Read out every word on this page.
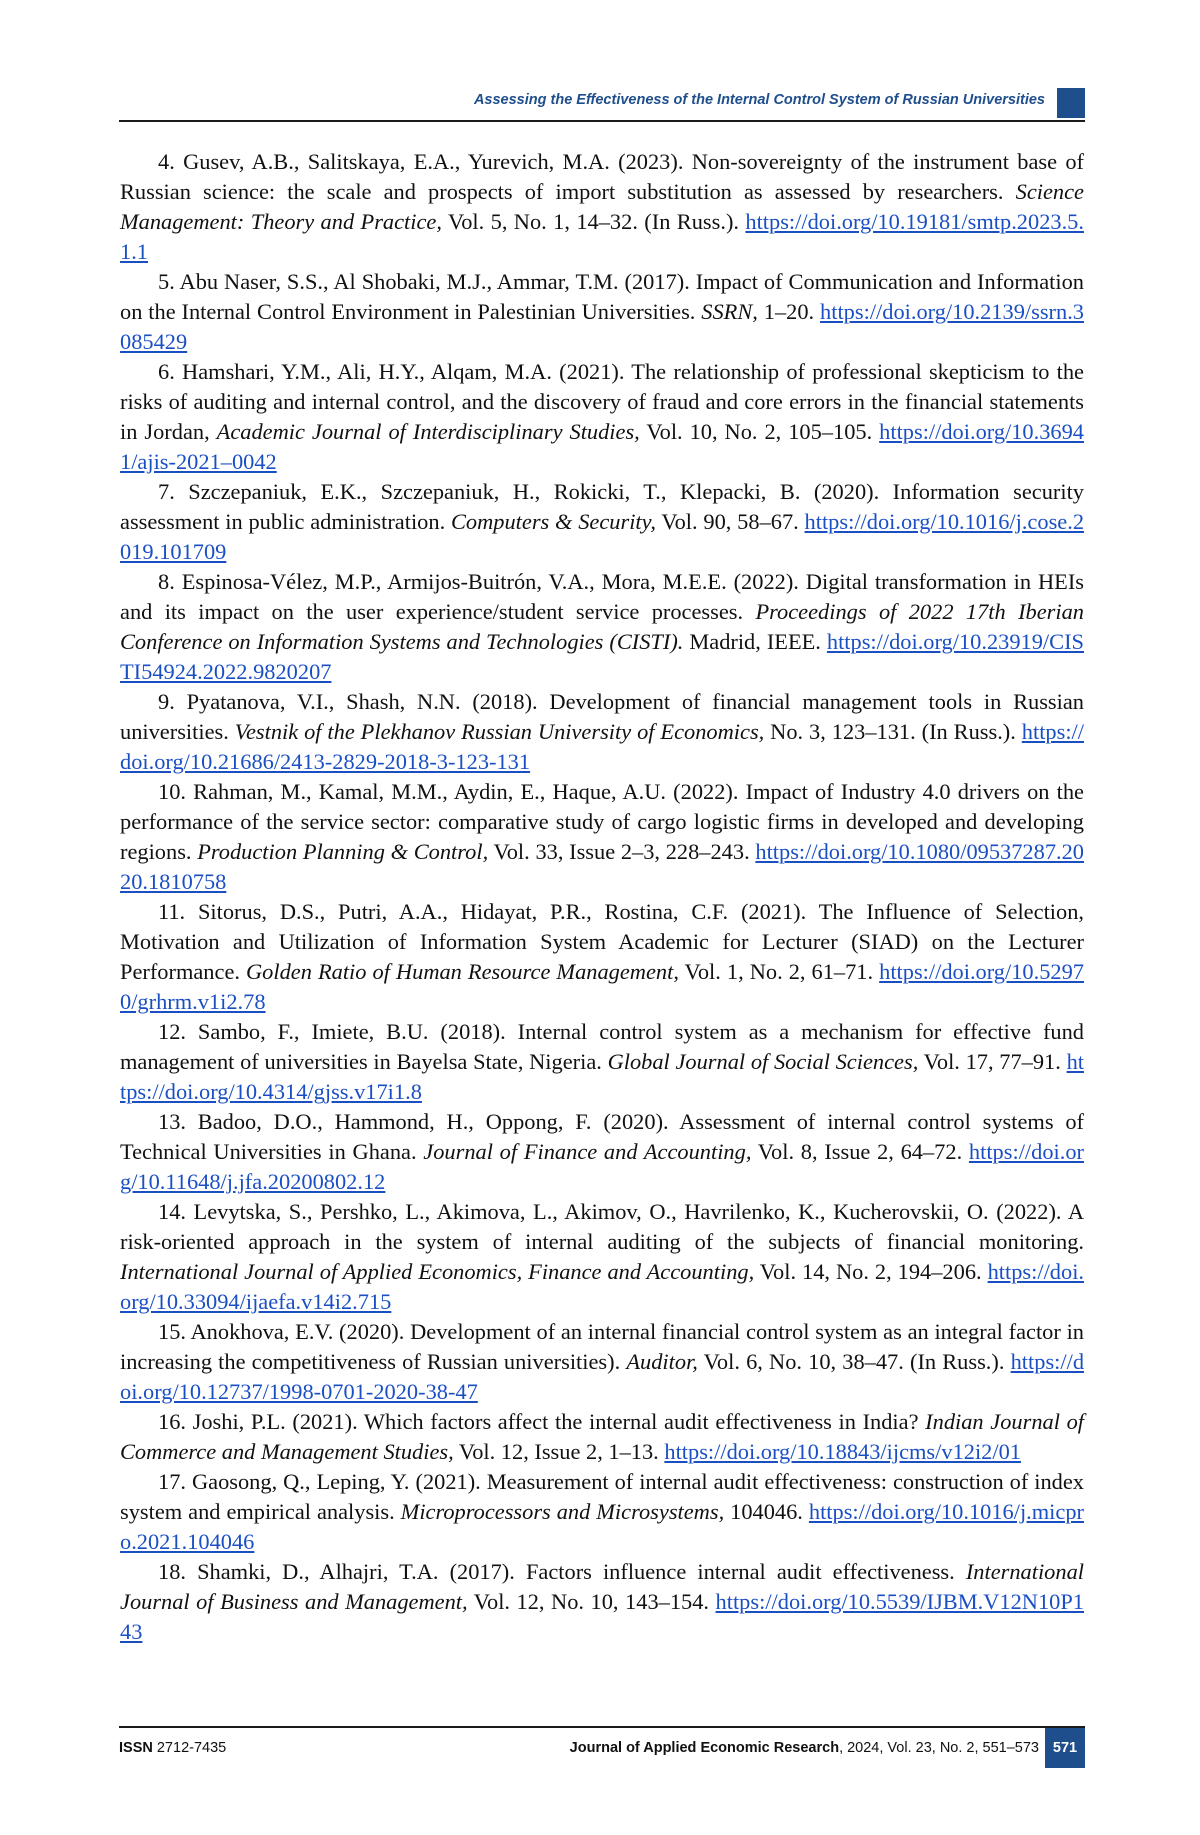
Assessing the Effectiveness of the Internal Control System of Russian Universities

4. Gusev, A.B., Salitskaya, E.A., Yurevich, M.A. (2023). Non-sovereignty of the instrument base of Russian science: the scale and prospects of import substitution as assessed by researchers. Science Management: Theory and Practice, Vol. 5, No. 1, 14–32. (In Russ.). https://doi.org/10.19181/smtp.2023.5.1.1

5. Abu Naser, S.S., Al Shobaki, M.J., Ammar, T.M. (2017). Impact of Communication and Information on the Internal Control Environment in Palestinian Universities. SSRN, 1–20. https://doi.org/10.2139/ssrn.3085429

6. Hamshari, Y.M., Ali, H.Y., Alqam, M.A. (2021). The relationship of professional skepticism to the risks of auditing and internal control, and the discovery of fraud and core errors in the financial statements in Jordan, Academic Journal of Interdisciplinary Studies, Vol. 10, No. 2, 105–105. https://doi.org/10.36941/ajis-2021–0042

7. Szczepaniuk, E.K., Szczepaniuk, H., Rokicki, T., Klepacki, B. (2020). Information security assessment in public administration. Computers & Security, Vol. 90, 58–67. https://doi.org/10.1016/j.cose.2019.101709

8. Espinosa-Vélez, M.P., Armijos-Buitrón, V.A., Mora, M.E.E. (2022). Digital transformation in HEIs and its impact on the user experience/student service processes. Proceedings of 2022 17th Iberian Conference on Information Systems and Technologies (CISTI). Madrid, IEEE. https://doi.org/10.23919/CISTI54924.2022.9820207

9. Pyatanova, V.I., Shash, N.N. (2018). Development of financial management tools in Russian universities. Vestnik of the Plekhanov Russian University of Economics, No. 3, 123–131. (In Russ.). https://doi.org/10.21686/2413-2829-2018-3-123-131

10. Rahman, M., Kamal, M.M., Aydin, E., Haque, A.U. (2022). Impact of Industry 4.0 drivers on the performance of the service sector: comparative study of cargo logistic firms in developed and developing regions. Production Planning & Control, Vol. 33, Issue 2–3, 228–243. https://doi.org/10.1080/09537287.2020.1810758

11. Sitorus, D.S., Putri, A.A., Hidayat, P.R., Rostina, C.F. (2021). The Influence of Selection, Motivation and Utilization of Information System Academic for Lecturer (SIAD) on the Lecturer Performance. Golden Ratio of Human Resource Management, Vol. 1, No. 2, 61–71. https://doi.org/10.52970/grhrm.v1i2.78

12. Sambo, F., Imiete, B.U. (2018). Internal control system as a mechanism for effective fund management of universities in Bayelsa State, Nigeria. Global Journal of Social Sciences, Vol. 17, 77–91. https://doi.org/10.4314/gjss.v17i1.8

13. Badoo, D.O., Hammond, H., Oppong, F. (2020). Assessment of internal control systems of Technical Universities in Ghana. Journal of Finance and Accounting, Vol. 8, Issue 2, 64–72. https://doi.org/10.11648/j.jfa.20200802.12

14. Levytska, S., Pershko, L., Akimova, L., Akimov, O., Havrilenko, K., Kucherovskii, O. (2022). A risk-oriented approach in the system of internal auditing of the subjects of financial monitoring. International Journal of Applied Economics, Finance and Accounting, Vol. 14, No. 2, 194–206. https://doi.org/10.33094/ijaefa.v14i2.715

15. Anokhova, E.V. (2020). Development of an internal financial control system as an integral factor in increasing the competitiveness of Russian universities). Auditor, Vol. 6, No. 10, 38–47. (In Russ.). https://doi.org/10.12737/1998-0701-2020-38-47

16. Joshi, P.L. (2021). Which factors affect the internal audit effectiveness in India? Indian Journal of Commerce and Management Studies, Vol. 12, Issue 2, 1–13. https://doi.org/10.18843/ijcms/v12i2/01

17. Gaosong, Q., Leping, Y. (2021). Measurement of internal audit effectiveness: construction of index system and empirical analysis. Microprocessors and Microsystems, 104046. https://doi.org/10.1016/j.micpro.2021.104046

18. Shamki, D., Alhajri, T.A. (2017). Factors influence internal audit effectiveness. International Journal of Business and Management, Vol. 12, No. 10, 143–154. https://doi.org/10.5539/IJBM.V12N10P143

ISSN 2712-7435	Journal of Applied Economic Research, 2024, Vol. 23, No. 2, 551–573 571
